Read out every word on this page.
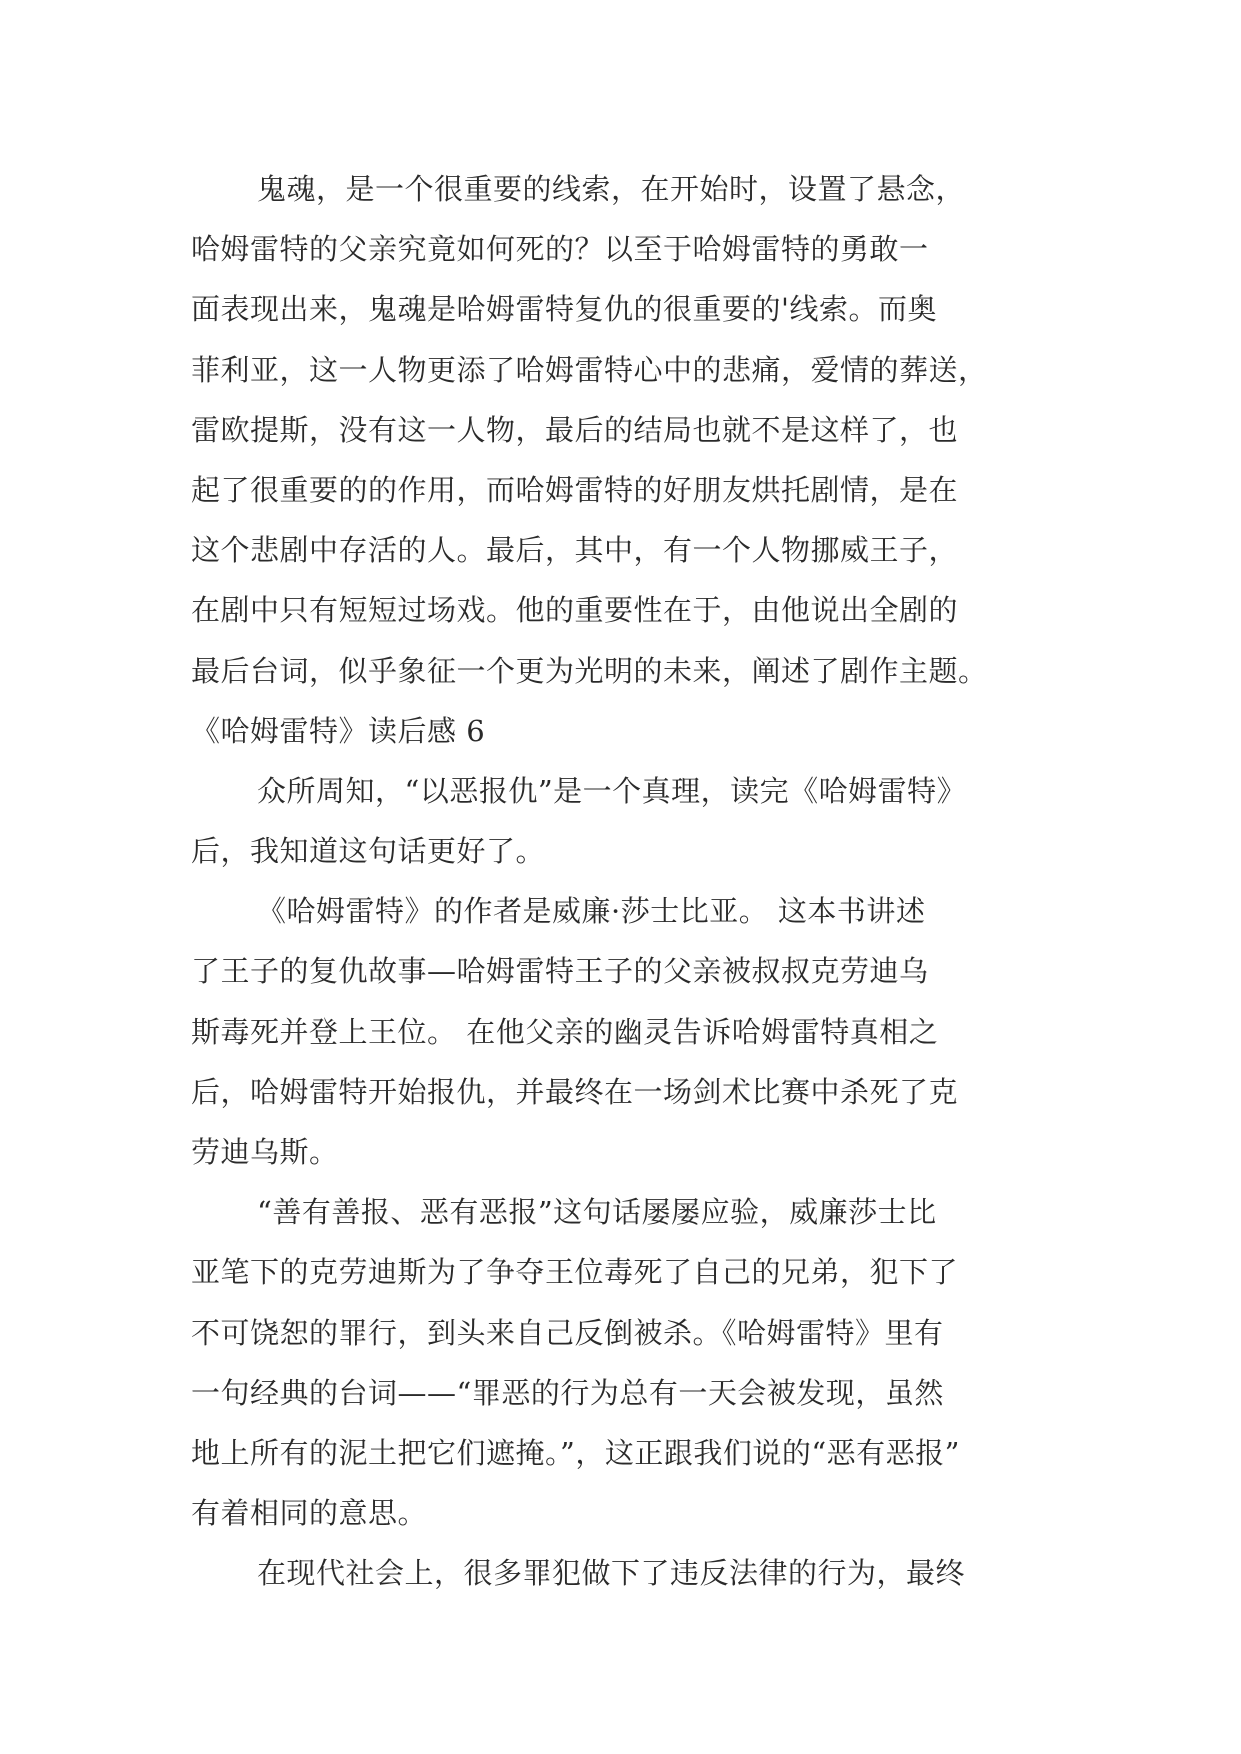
鬼魂，是一个很重要的线索，在开始时，设置了悬念，
哈姆雷特的父亲究竟如何死的？以至于哈姆雷特的勇敢一
面表现出来，鬼魂是哈姆雷特复仇的很重要的'线索。而奥
菲利亚，这一人物更添了哈姆雷特心中的悲痛，爱情的葬送，
雷欧提斯，没有这一人物，最后的结局也就不是这样了，也
起了很重要的的作用，而哈姆雷特的好朋友烘托剧情，是在
这个悲剧中存活的人。最后，其中，有一个人物挪威王子，
在剧中只有短短过场戏。他的重要性在于，由他说出全剧的
最后台词，似乎象征一个更为光明的未来，阐述了剧作主题。
《哈姆雷特》读后感 6
众所周知，“以恶报仇”是一个真理，读完《哈姆雷特》
后，我知道这句话更好了。
《哈姆雷特》的作者是威廉·莎士比亚。 这本书讲述
了王子的复仇故事—哈姆雷特王子的父亲被叔叔克劳迪乌
斯毒死并登上王位。 在他父亲的幽灵告诉哈姆雷特真相之
后，哈姆雷特开始报仇，并最终在一场剑术比赛中杀死了克
劳迪乌斯。
“善有善报、恶有恶报”这句话屡屡应验，威廉莎士比
亚笔下的克劳迪斯为了争夺王位毒死了自己的兄弟，犯下了
不可饶恕的罪行，到头来自己反倒被杀。《哈姆雷特》里有
一句经典的台词——“罪恶的行为总有一天会被发现，虽然
地上所有的泥土把它们遮掩。”，这正跟我们说的“恶有恶报”
有着相同的意思。
在现代社会上，很多罪犯做下了违反法律的行为，最终
